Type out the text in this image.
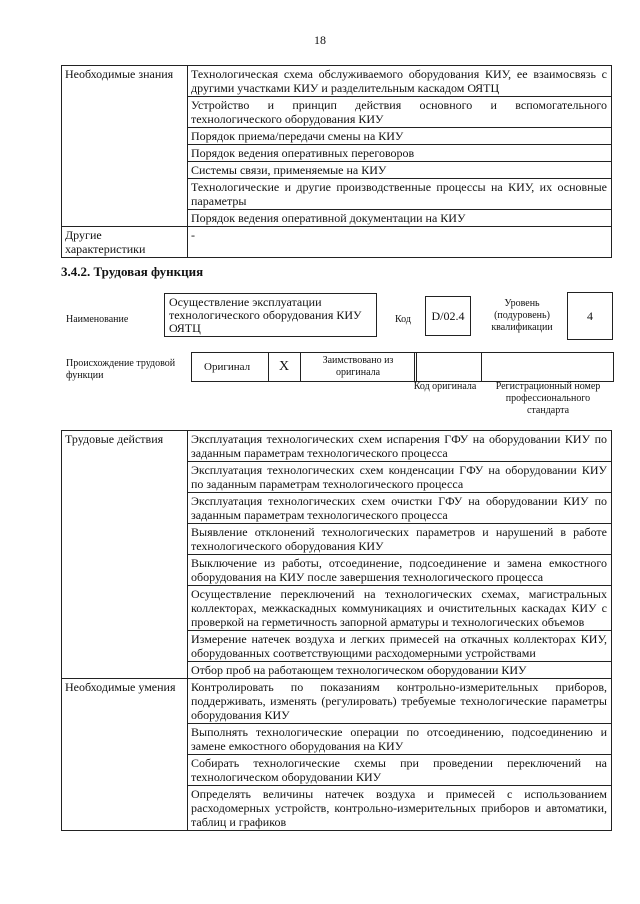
18
Необходимые знания	Технологическая схема обслуживаемого оборудования КИУ, ее взаимосвязь с другими участками КИУ и разделительным каскадом ОЯТЦ
	Устройство и принцип действия основного и вспомогательного технологического оборудования КИУ
	Порядок приема/передачи смены на КИУ
	Порядок ведения оперативных переговоров
	Системы связи, применяемые на КИУ
	Технологические и другие производственные процессы на КИУ, их основные параметры
	Порядок ведения оперативной документации на КИУ
Другие характеристики	-
3.4.2. Трудовая функция
Наименование
Осуществление эксплуатации технологического оборудования КИУ ОЯТЦ
Код	D/02.4
Уровень (подуровень) квалификации
4
Происхождение трудовой функции
Оригинал	X	Заимствовано из оригинала
Код оригинала	Регистрационный номер профессионального стандарта
Трудовые действия	Эксплуатация технологических схем испарения ГФУ на оборудовании КИУ по заданным параметрам технологического процесса
	Эксплуатация технологических схем конденсации ГФУ на оборудовании КИУ по заданным параметрам технологического процесса
	Эксплуатация технологических схем очистки ГФУ на оборудовании КИУ по заданным параметрам технологического процесса
	Выявление отклонений технологических параметров и нарушений в работе технологического оборудования КИУ
	Выключение из работы, отсоединение, подсоединение и замена емкостного оборудования на КИУ после завершения технологического процесса
	Осуществление переключений на технологических схемах, магистральных коллекторах, межкаскадных коммуникациях и очистительных каскадах КИУ с проверкой на герметичность запорной арматуры и технологических объемов
	Измерение натечек воздуха и легких примесей на откачных коллекторах КИУ, оборудованных соответствующими расходомерными устройствами
	Отбор проб на работающем технологическом оборудовании КИУ
Необходимые умения	Контролировать по показаниям контрольно-измерительных приборов, поддерживать, изменять (регулировать) требуемые технологические параметры оборудования КИУ
	Выполнять технологические операции по отсоединению, подсоединению и замене емкостного оборудования на КИУ
	Собирать технологические схемы при проведении переключений на технологическом оборудовании КИУ
	Определять величины натечек воздуха и примесей с использованием расходомерных устройств, контрольно-измерительных приборов и автоматики, таблиц и графиков
